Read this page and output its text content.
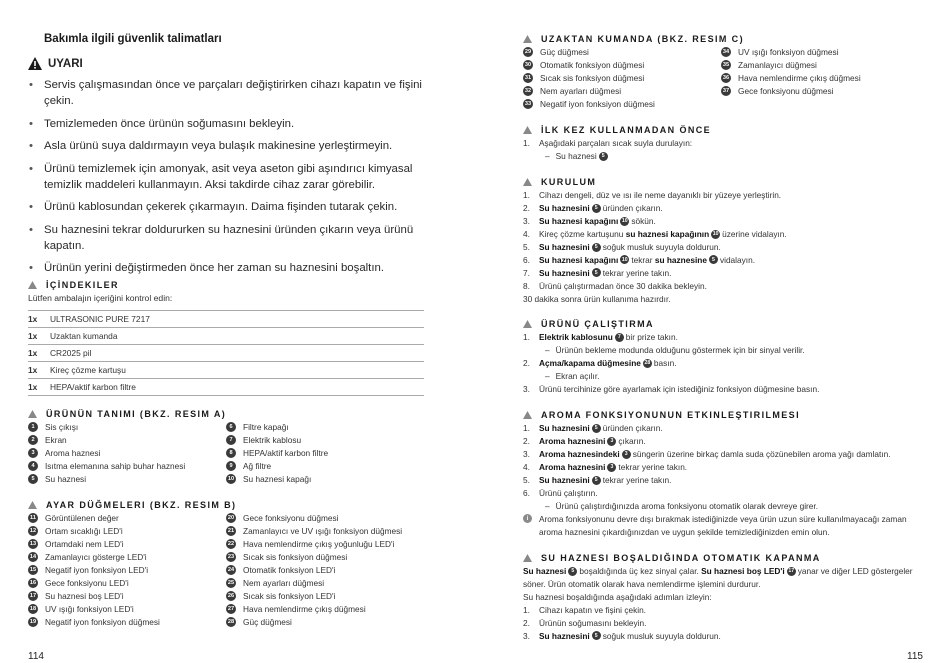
Bakımla ilgili güvenlik talimatları
UYARI
• Servis çalışmasından önce ve parçaları değiştirirken cihazı kapatın ve fişini çekin.
• Temizlemeden önce ürünün soğumasını bekleyin.
• Asla ürünü suya daldırmayın veya bulaşık makinesine yerleştirmeyin.
• Ürünü temizlemek için amonyak, asit veya aseton gibi aşındırıcı kimyasal temizlik maddeleri kullanmayın. Aksi takdirde cihaz zarar görebilir.
• Ürünü kablosundan çekerek çıkarmayın. Daima fişinden tutarak çekin.
• Su haznesini tekrar doldururken su haznesini üründen çıkarın veya ürünü kapatın.
• Ürünün yerini değiştirmeden önce her zaman su haznesini boşaltın.
İÇİNDEKILER
Lütfen ambalajın içeriğini kontrol edin:
1x	ULTRASONIC PURE 7217
1x	Uzaktan kumanda
1x	CR2025 pil
1x	Kireç çözme kartuşu
1x	HEPA/aktif karbon filtre
ÜRÜNÜN TANIMI (BKZ. RESIM A)
1	Sis çıkışı
2	Ekran
3	Aroma haznesi
4	Isıtma elemanına sahip buhar haznesi
5	Su haznesi
6	Filtre kapağı
7	Elektrik kablosu
8	HEPA/aktif karbon filtre
9	Ağ filtre
10 Su haznesi kapağı
AYAR DÜĞMELERI (BKZ. RESIM B)
11 Görüntülenen değer
12 Ortam sıcaklığı LED'i
13 Ortamdaki nem LED'i
14 Zamanlayıcı gösterge LED'i
15 Negatif iyon fonksiyon LED'i
16 Gece fonksiyonu LED'i
17 Su haznesi boş LED'i
18 UV ışığı fonksiyon LED'i
19 Negatif iyon fonksiyon düğmesi
20 Gece fonksiyonu düğmesi
21 Zamanlayıcı ve UV ışığı fonksiyon düğmesi
22 Hava nemlendirme çıkış yoğunluğu LED'i
23 Sıcak sis fonksiyon düğmesi
24 Otomatik fonksiyon LED'i
25 Nem ayarları düğmesi
26 Sıcak sis fonksiyon LED'i
27 Hava nemlendirme çıkış düğmesi
28 Güç düğmesi
114
UZAKTAN KUMANDA (BKZ. RESIM C)
29 Güç düğmesi
30 Otomatik fonksiyon düğmesi
31 Sıcak sis fonksiyon düğmesi
32 Nem ayarları düğmesi
33 Negatif iyon fonksiyon düğmesi
34 UV ışığı fonksiyon düğmesi
35 Zamanlayıcı düğmesi
36 Hava nemlendirme çıkış düğmesi
37 Gece fonksiyonu düğmesi
İLK KEZ KULLANMADAN ÖNCE
1.	Aşağıdaki parçaları sıcak suyla durulayın:
– Su haznesi 5
KURULUM
1.	Cihazı dengeli, düz ve ısı ile neme dayanıklı bir yüzeye yerleştirin.
2.	Su haznesini 5 üründen çıkarın.
3.	Su haznesi kapağını 10 sökün.
4.	Kireç çözme kartuşunu
su haznesi kapağının 10 üzerine vidalayın.
5.	Su haznesini 5 soğuk musluk suyuyla doldurun.
6.	Su haznesi kapağını 10 tekrar
su haznesine 5 vidalayın.
7.	Su haznesini 5 tekrar yerine takın.
8.	Ürünü çalıştırmadan önce 30 dakika bekleyin.
30 dakika sonra ürün kullanıma hazırdır.
ÜRÜNÜ ÇALIŞTIRMA
1.	Elektrik kablosunu 7 bir prize takın.
– Ürünün bekleme modunda olduğunu göstermek için bir sinyal verilir.
2.	Açma/kapama düğmesine 28 basın.
– Ekran açılır.
3.	Ürünü tercihinize göre ayarlamak için istediğiniz fonksiyon düğmesine basın.
AROMA FONKSIYONUNUN ETKINLEŞTIRILMESI
1.	Su haznesini 5 üründen çıkarın.
2.	Aroma haznesini 3 çıkarın.
3.	Aroma haznesindeki 3 süngerin üzerine birkaç damla suda çözünebilen aroma yağı damlatın.
4.	Aroma haznesini 3 tekrar yerine takın.
5.	Su haznesini 5 tekrar yerine takın.
6.	Ürünü çalıştırın.
– Ürünü çalıştırdığınızda aroma fonksiyonu otomatik olarak devreye girer.
i	Aroma fonksiyonunu devre dışı bırakmak istediğinizde veya ürün uzun süre kullanılmayacağı zaman
aroma haznesini çıkardığınızdan ve uygun şekilde temizlediğinizden emin olun.
SU HAZNESI BOŞALDIĞINDA OTOMATIK KAPANMA
Su haznesi 5 boşaldığında üç kez sinyal çalar.
Su haznesi boş LED'i 17 yanar ve diğer LED göstergeler
söner. Ürün otomatik olarak hava nemlendirme işlemini durdurur.
Su haznesi boşaldığında aşağıdaki adımları izleyin:
1.	Cihazı kapatın ve fişini çekin.
2.	Ürünün soğumasını bekleyin.
3.	Su haznesini 5 soğuk musluk suyuyla doldurun.
115
